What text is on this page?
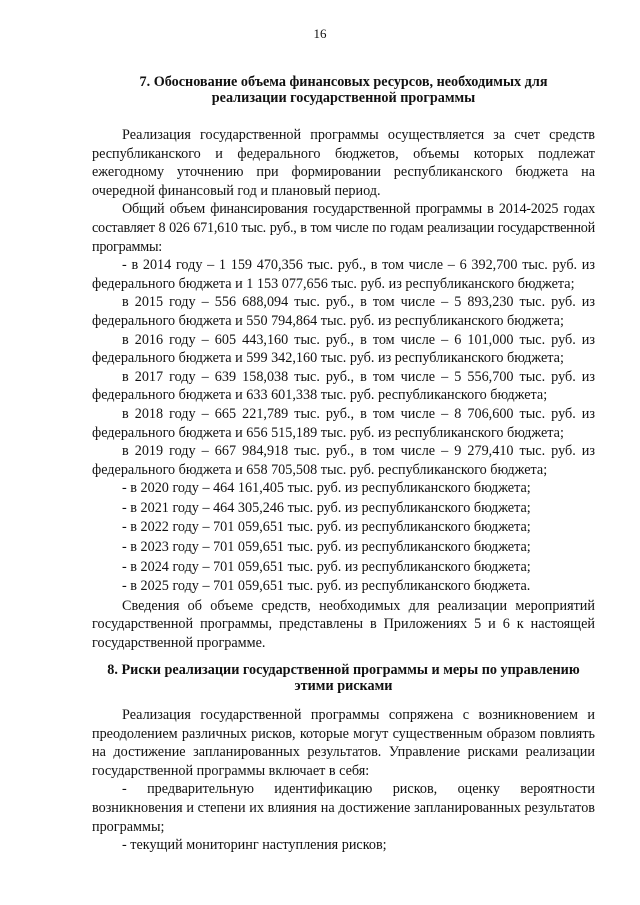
16
7. Обоснование объема финансовых ресурсов, необходимых для
реализации государственной программы

Реализация государственной программы осуществляется за счет средств республиканского и федерального бюджетов, объемы которых подлежат ежегодному уточнению при формировании республиканского бюджета на очередной финансовый год и плановый период.

Общий объем финансирования государственной программы в 2014-2025 годах составляет 8 026 671,610 тыс. руб., в том числе по годам реализации государственной программы:

- в 2014 году – 1 159 470,356 тыс. руб., в том числе – 6 392,700 тыс. руб. из федерального бюджета и 1 153 077,656 тыс. руб. из республиканского бюджета;

в 2015 году – 556 688,094 тыс. руб., в том числе – 5 893,230 тыс. руб. из федерального бюджета и 550 794,864 тыс. руб. из республиканского бюджета;

в 2016 году – 605 443,160 тыс. руб., в том числе – 6 101,000 тыс. руб. из федерального бюджета и 599 342,160 тыс. руб. из республиканского бюджета;

в 2017 году – 639 158,038 тыс. руб., в том числе – 5 556,700 тыс. руб. из федерального бюджета и 633 601,338 тыс. руб. республиканского бюджета;

в 2018 году – 665 221,789 тыс. руб., в том числе – 8 706,600 тыс. руб. из федерального бюджета и 656 515,189 тыс. руб. из республиканского бюджета;

в 2019 году – 667 984,918 тыс. руб., в том числе – 9 279,410 тыс. руб. из федерального бюджета и 658 705,508 тыс. руб. республиканского бюджета;

- в 2020 году – 464 161,405 тыс. руб. из республиканского бюджета;
- в 2021 году – 464 305,246 тыс. руб. из республиканского бюджета;
- в 2022 году – 701 059,651 тыс. руб. из республиканского бюджета;
- в 2023 году – 701 059,651 тыс. руб. из республиканского бюджета;
- в 2024 году – 701 059,651 тыс. руб. из республиканского бюджета;
- в 2025 году – 701 059,651 тыс. руб. из республиканского бюджета.

Сведения об объеме средств, необходимых для реализации мероприятий государственной программы, представлены в Приложениях 5 и 6 к настоящей государственной программе.

8. Риски реализации государственной программы и меры по управлению
этими рисками

Реализация государственной программы сопряжена с возникновением и преодолением различных рисков, которые могут существенным образом повлиять на достижение запланированных результатов. Управление рисками реализации государственной программы включает в себя:

- предварительную идентификацию рисков, оценку вероятности возникновения и степени их влияния на достижение запланированных результатов программы;

- текущий мониторинг наступления рисков;
